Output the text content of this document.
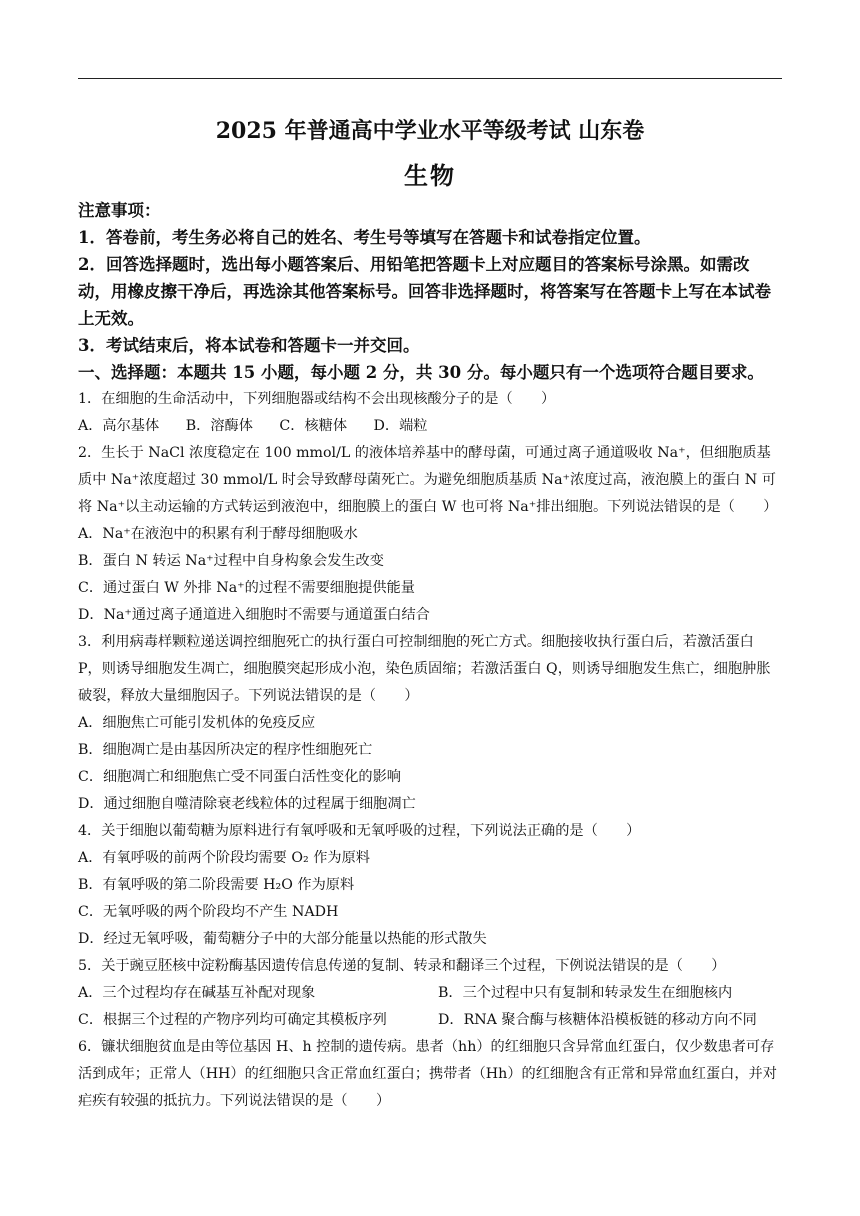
2025 年普通高中学业水平等级考试 山东卷
生物
注意事项：
1．答卷前，考生务必将自己的姓名、考生号等填写在答题卡和试卷指定位置。
2．回答选择题时，选出每小题答案后、用铅笔把答题卡上对应题目的答案标号涂黑。如需改动，用橡皮擦干净后，再选涂其他答案标号。回答非选择题时，将答案写在答题卡上写在本试卷上无效。
3．考试结束后，将本试卷和答题卡一并交回。
一、选择题：本题共 15 小题，每小题 2 分，共 30 分。每小题只有一个选项符合题目要求。
1．在细胞的生命活动中，下列细胞器或结构不会出现核酸分子的是（　　）
A．高尔基体 B．溶酶体 C．核糖体 D．端粒
2．生长于 NaCl 浓度稳定在 100 mmol/L 的液体培养基中的酵母菌，可通过离子通道吸收 Na⁺，但细胞质基质中 Na⁺浓度超过 30 mmol/L 时会导致酵母菌死亡。为避免细胞质基质 Na⁺浓度过高，液泡膜上的蛋白 N 可将 Na⁺以主动运输的方式转运到液泡中，细胞膜上的蛋白 W 也可将 Na⁺排出细胞。下列说法错误的是（　　）
A．Na⁺在液泡中的积累有利于酵母细胞吸水
B．蛋白 N 转运 Na⁺过程中自身构象会发生改变
C．通过蛋白 W 外排 Na⁺的过程不需要细胞提供能量
D．Na⁺通过离子通道进入细胞时不需要与通道蛋白结合
3．利用病毒样颗粒递送调控细胞死亡的执行蛋白可控制细胞的死亡方式。细胞接收执行蛋白后，若激活蛋白 P，则诱导细胞发生凋亡，细胞膜突起形成小泡，染色质固缩；若激活蛋白 Q，则诱导细胞发生焦亡，细胞肿胀破裂，释放大量细胞因子。下列说法错误的是（　　）
A．细胞焦亡可能引发机体的免疫反应
B．细胞凋亡是由基因所决定的程序性细胞死亡
C．细胞凋亡和细胞焦亡受不同蛋白活性变化的影响
D．通过细胞自噬清除衰老线粒体的过程属于细胞凋亡
4．关于细胞以葡萄糖为原料进行有氧呼吸和无氧呼吸的过程，下列说法正确的是（　　）
A．有氧呼吸的前两个阶段均需要 O₂ 作为原料
B．有氧呼吸的第二阶段需要 H₂O 作为原料
C．无氧呼吸的两个阶段均不产生 NADH
D．经过无氧呼吸，葡萄糖分子中的大部分能量以热能的形式散失
5．关于豌豆胚核中淀粉酶基因遗传信息传递的复制、转录和翻译三个过程，下例说法错误的是（　　）
A．三个过程均存在碱基互补配对现象	B．三个过程中只有复制和转录发生在细胞核内
C．根据三个过程的产物序列均可确定其模板序列	D．RNA 聚合酶与核糖体沿模板链的移动方向不同
6．镰状细胞贫血是由等位基因 H、h 控制的遗传病。患者（hh）的红细胞只含异常血红蛋白，仅少数患者可存活到成年；正常人（HH）的红细胞只含正常血红蛋白；携带者（Hh）的红细胞含有正常和异常血红蛋白，并对疟疾有较强的抵抗力。下列说法错误的是（　　）
